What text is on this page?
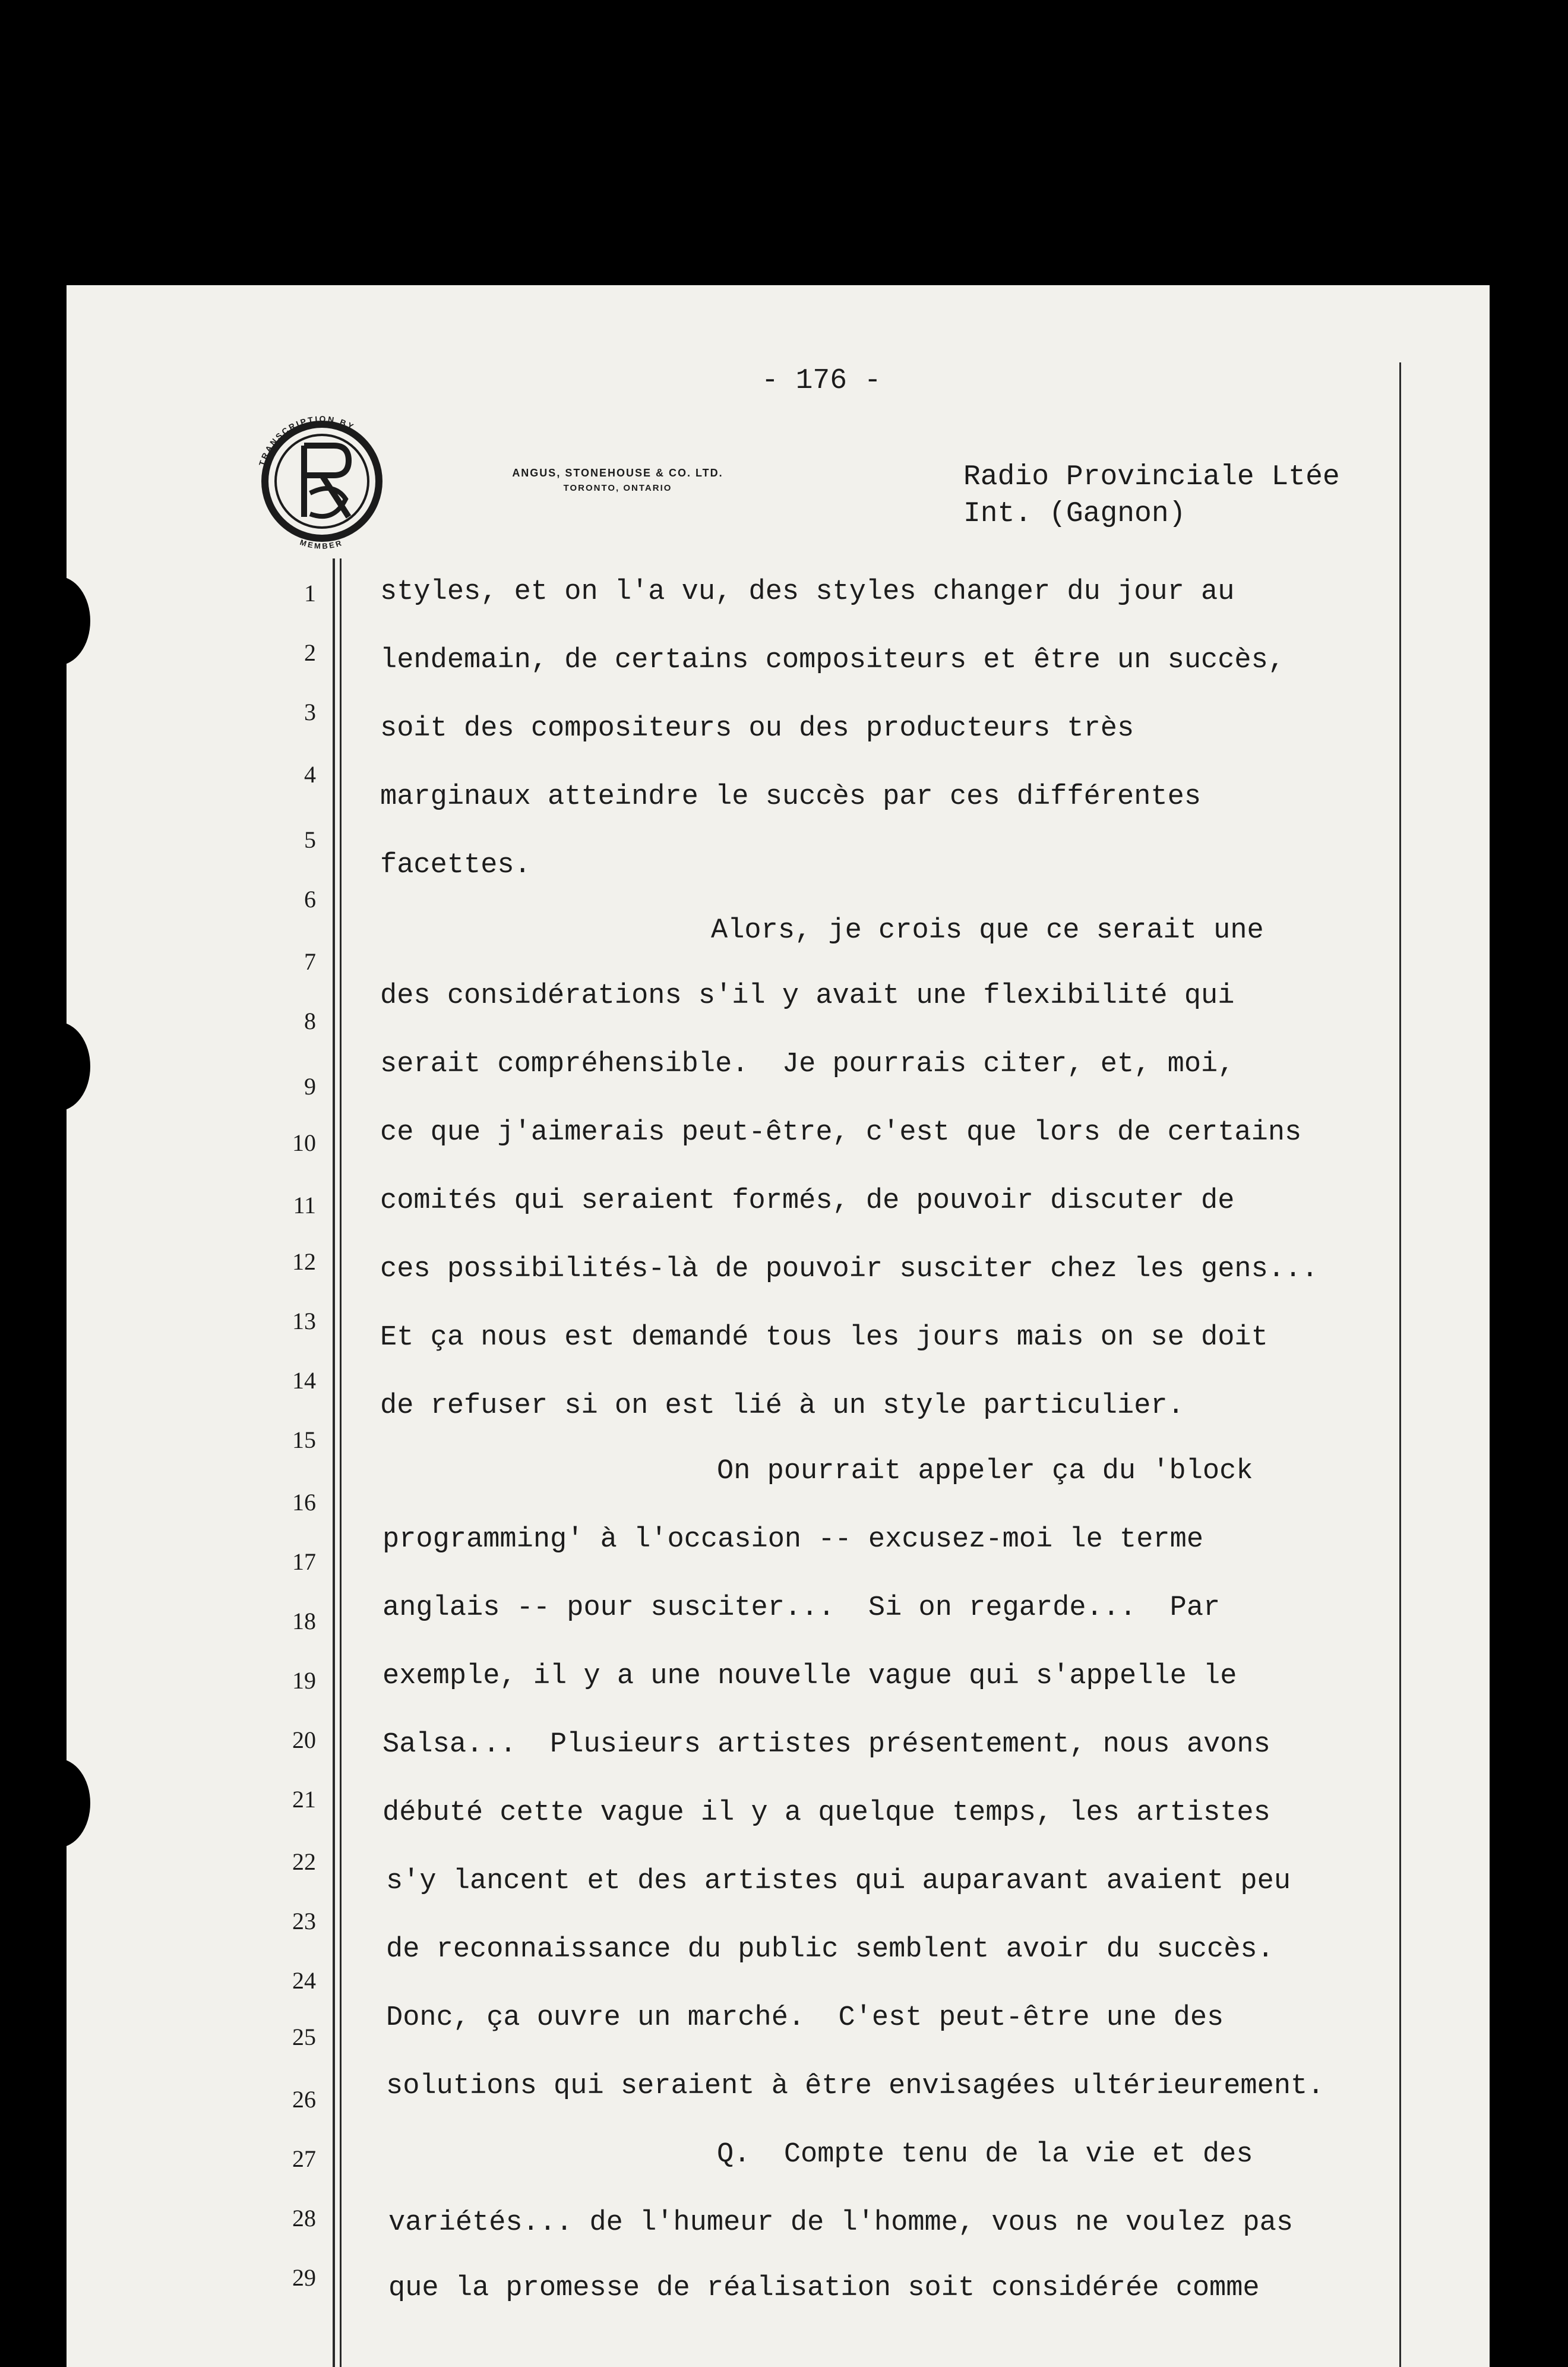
- 176 -
TRANSCRIPTION BY
MEMBER
ANGUS, STONEHOUSE & CO. LTD.
TORONTO, ONTARIO	Radio Provinciale Ltée
Int. (Gagnon)
1
2
3
4
5
6
7
8
9
10
11
12
13
14
15
16
17
18
19
20
21
22
23
24
25
26
27
28
29
styles, et on l'a vu, des styles changer du jour au
lendemain, de certains compositeurs et être un succès,
soit des compositeurs ou des producteurs très
marginaux atteindre le succès par ces différentes
facettes.
Alors, je crois que ce serait une
des considérations s'il y avait une flexibilité qui
serait compréhensible.  Je pourrais citer, et, moi,
ce que j'aimerais peut-être, c'est que lors de certains
comités qui seraient formés, de pouvoir discuter de
ces possibilités-là de pouvoir susciter chez les gens...
Et ça nous est demandé tous les jours mais on se doit
de refuser si on est lié à un style particulier.
On pourrait appeler ça du 'block
programming' à l'occasion -- excusez-moi le terme
anglais -- pour susciter...  Si on regarde...  Par
exemple, il y a une nouvelle vague qui s'appelle le
Salsa...  Plusieurs artistes présentement, nous avons
débuté cette vague il y a quelque temps, les artistes
s'y lancent et des artistes qui auparavant avaient peu
de reconnaissance du public semblent avoir du succès.
Donc, ça ouvre un marché.  C'est peut-être une des
solutions qui seraient à être envisagées ultérieurement.
Q.  Compte tenu de la vie et des
variétés... de l'humeur de l'homme, vous ne voulez pas
que la promesse de réalisation soit considérée comme
